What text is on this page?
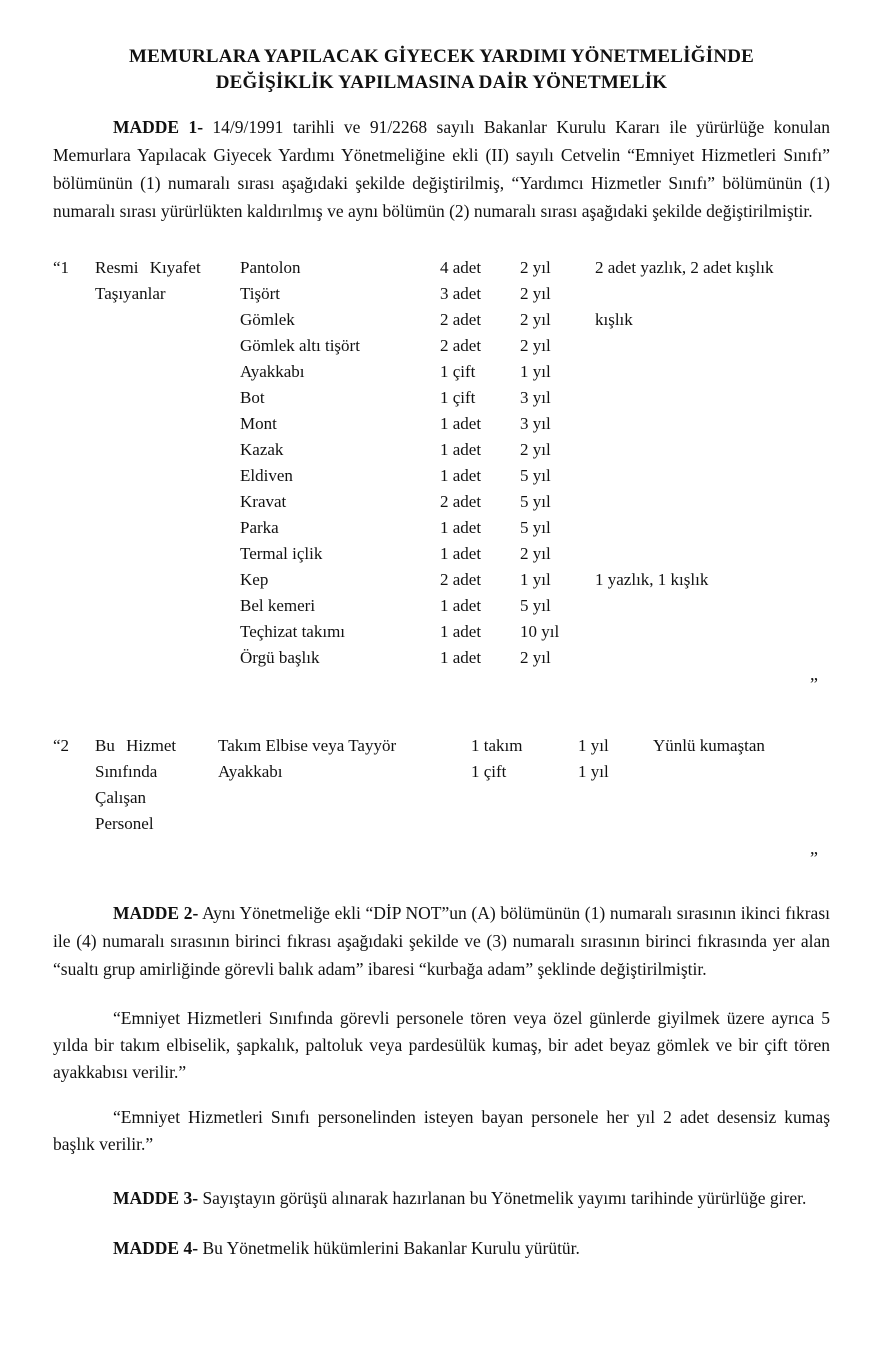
MEMURLARA YAPILACAK GİYECEK YARDIMI YÖNETMELİĞİNDE
DEĞİŞİKLİK YAPILMASINA DAİR YÖNETMELİK

MADDE 1- 14/9/1991 tarihli ve 91/2268 sayılı Bakanlar Kurulu Kararı ile yürürlüğe konulan Memurlara Yapılacak Giyecek Yardımı Yönetmeliğine ekli (II) sayılı Cetvelin “Emniyet Hizmetleri Sınıfı” bölümünün (1) numaralı sırası aşağıdaki şekilde değiştirilmiş, “Yardımcı Hizmetler Sınıfı” bölümünün (1) numaralı sırası yürürlükten kaldırılmış ve aynı bölümün (2) numaralı sırası aşağıdaki şekilde değiştirilmiştir.

“1	Resmi Kıyafet
Taşıyanlar
Pantolon	4 adet	2 yıl	2 adet yazlık, 2 adet kışlık
Tişört	3 adet	2 yıl
Gömlek	2 adet	2 yıl	kışlık
Gömlek altı tişört	2 adet	2 yıl
Ayakkabı	1 çift	1 yıl
Bot	1 çift	3 yıl
Mont	1 adet	3 yıl
Kazak	1 adet	2 yıl
Eldiven	1 adet	5 yıl
Kravat	2 adet	5 yıl
Parka	1 adet	5 yıl
Termal içlik	1 adet	2 yıl
Kep	2 adet	1 yıl	1 yazlık, 1 kışlık
Bel kemeri	1 adet	5 yıl
Teçhizat takımı	1 adet	10 yıl
Örgü başlık	1 adet	2 yıl
”
“2	Bu Hizmet
Sınıfında
Çalışan
Personel
Takım Elbise veya Tayyör	1 takım	1 yıl	Yünlü kumaştan
Ayakkabı	1 çift	1 yıl
”

MADDE 2- Aynı Yönetmeliğe ekli “DİP NOT”un (A) bölümünün (1) numaralı sırasının ikinci fıkrası ile (4) numaralı sırasının birinci fıkrası aşağıdaki şekilde ve (3) numaralı sırasının birinci fıkrasında yer alan “sualtı grup amirliğinde görevli balık adam” ibaresi “kurbağa adam” şeklinde değiştirilmiştir.

“Emniyet Hizmetleri Sınıfında görevli personele tören veya özel günlerde giyilmek üzere ayrıca 5 yılda bir takım elbiselik, şapkalık, paltoluk veya pardesülük kumaş, bir adet beyaz gömlek ve bir çift tören ayakkabısı verilir.”

“Emniyet Hizmetleri Sınıfı personelinden isteyen bayan personele her yıl 2 adet desensiz kumaş başlık verilir.”

MADDE 3- Sayıştayın görüşü alınarak hazırlanan bu Yönetmelik yayımı tarihinde yürürlüğe girer.

MADDE 4- Bu Yönetmelik hükümlerini Bakanlar Kurulu yürütür.
